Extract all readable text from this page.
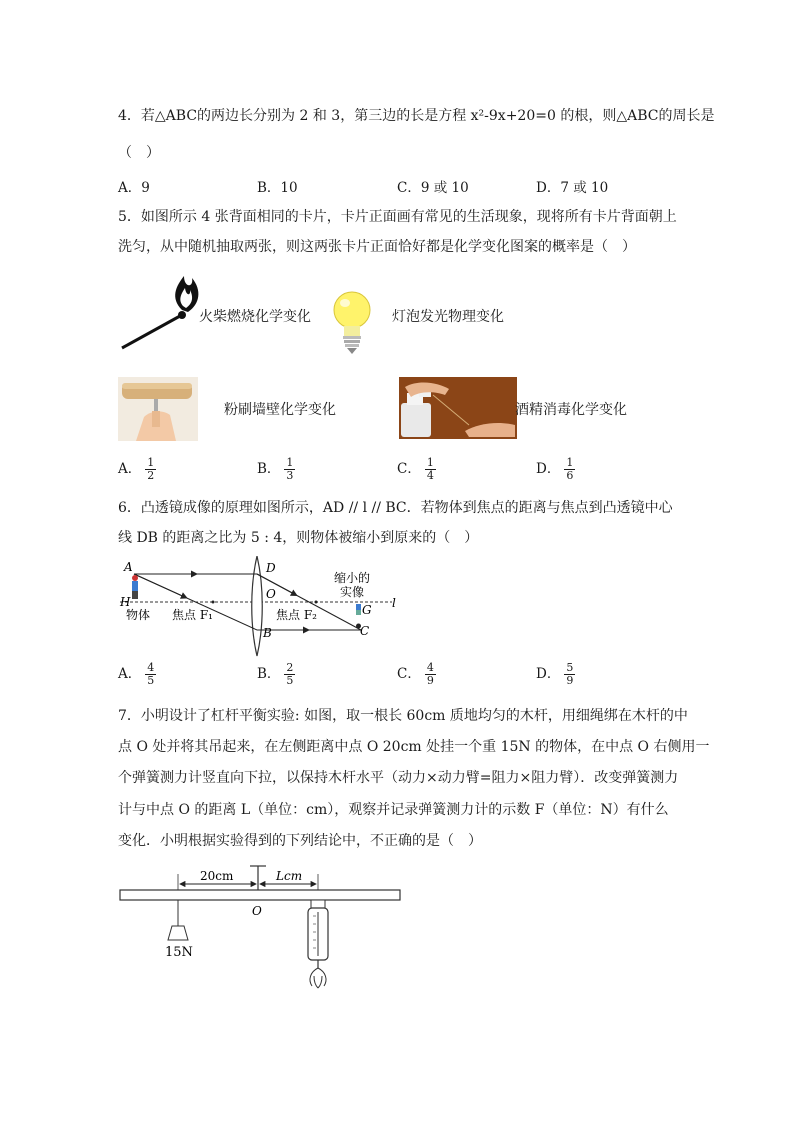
4．若△ABC的两边长分别为 2 和 3，第三边的长是方程 x²-9x+20=0 的根，则△ABC的周长是
（　）
A．9	B．10	C．9 或 10	D．7 或 10
5．如图所示 4 张背面相同的卡片，卡片正面画有常见的生活现象，现将所有卡片背面朝上
洗匀，从中随机抽取两张，则这两张卡片正面恰好都是化学变化图案的概率是（　）
火柴燃烧化学变化	灯泡发光物理变化
粉刷墙壁化学变化	酒精消毒化学变化
A． $\frac{1}{2}$	B． $\frac{1}{3}$	C． $\frac{1}{4}$	D． $\frac{1}{6}$
6．凸透镜成像的原理如图所示，AD // l // BC．若物体到焦点的距离与焦点到凸透镜中心
线 DB 的距离之比为 5 : 4，则物体被缩小到原来的（　）
A	D
O
H	l
B	C
G
物体 焦点 F₁	焦点 F₂
缩小的
实像
A． $\frac{4}{5}$	B． $\frac{2}{5}$	C． $\frac{4}{9}$	D． $\frac{5}{9}$
7．小明设计了杠杆平衡实验: 如图，取一根长 60cm 质地均匀的木杆，用细绳绑在木杆的中
点 O 处并将其吊起来，在左侧距离中点 O 20cm 处挂一个重 15N 的物体，在中点 O 右侧用一
个弹簧测力计竖直向下拉，以保持木杆水平（动力×动力臂=阻力×阻力臂）．改变弹簧测力
计与中点 O 的距离 L（单位：cm），观察并记录弹簧测力计的示数 F（单位：N）有什么
变化．小明根据实验得到的下列结论中，不正确的是（　）
20cm	Lcm
O
15N
